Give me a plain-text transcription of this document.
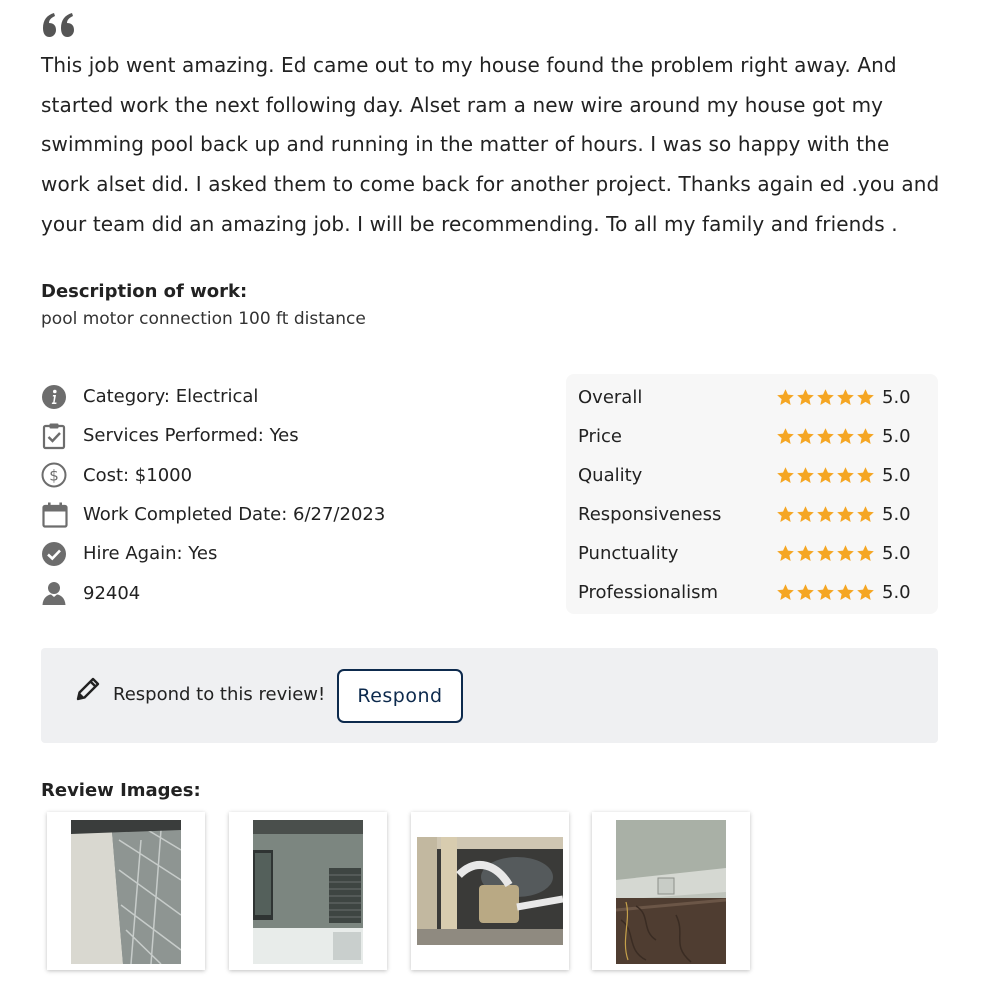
This job went amazing. Ed came out to my house found the problem right away. And started work the next following day. Alset ram a new wire around my house got my swimming pool back up and running in the matter of hours. I was so happy with the work alset did. I asked them to come back for another project. Thanks again ed .you and your team did an amazing job. I will be recommending. To all my family and friends .
Description of work:
pool motor connection 100 ft distance
Category: Electrical
Services Performed: Yes
$ Cost: $1000
Work Completed Date: 6/27/2023
Hire Again: Yes
92404
Overall	5.0
Price	5.0
Quality	5.0
Responsiveness	5.0
Punctuality	5.0
Professionalism	5.0
Respond to this review!	Respond
Review Images:
